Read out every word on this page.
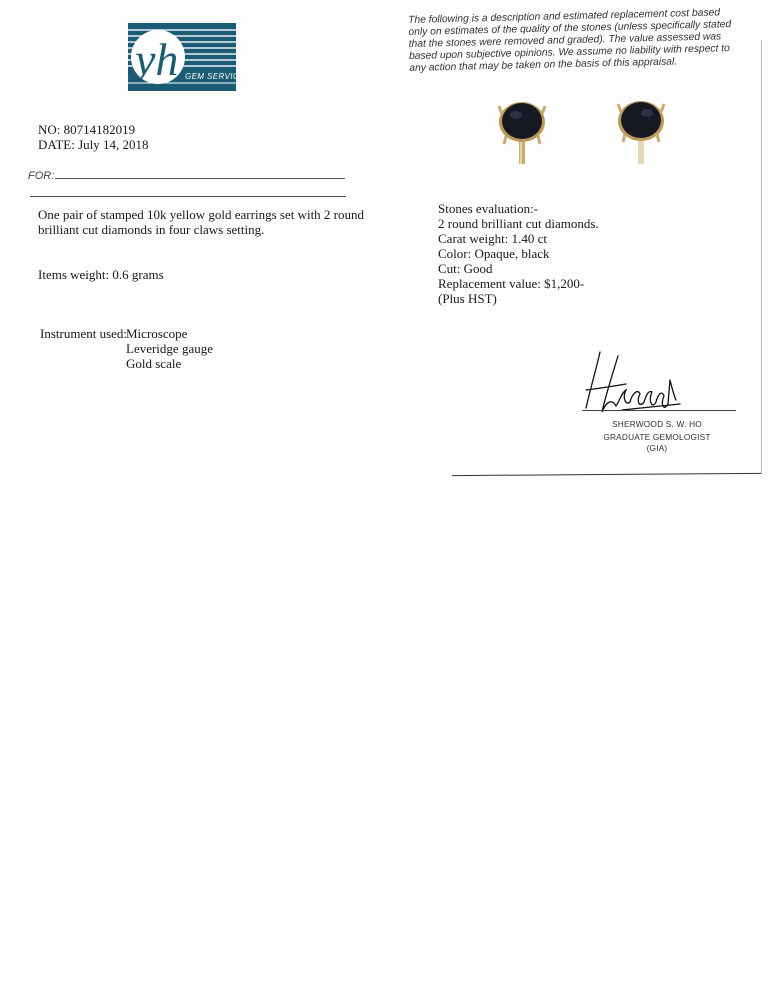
yh GEM SERVICES
The following is a description and estimated replacement cost based only on estimates of the quality of the stones (unless specifically stated that the stones were removed and graded). The value assessed was based upon subjective opinions. We assume no liability with respect to any action that may be taken on the basis of this appraisal.
NO: 80714182019
DATE: July 14, 2018
FOR:
One pair of stamped 10k yellow gold earrings set with 2 round
brilliant cut diamonds in four claws setting.
Items weight: 0.6 grams
Instrument used:
Microscope
Leveridge gauge
Gold scale
Stones evaluation:-
2 round brilliant cut diamonds.
Carat weight: 1.40 ct
Color: Opaque, black
Cut: Good
Replacement value: $1,200-
(Plus HST)
SHERWOOD S. W. HO
GRADUATE GEMOLOGIST
(GIA)
